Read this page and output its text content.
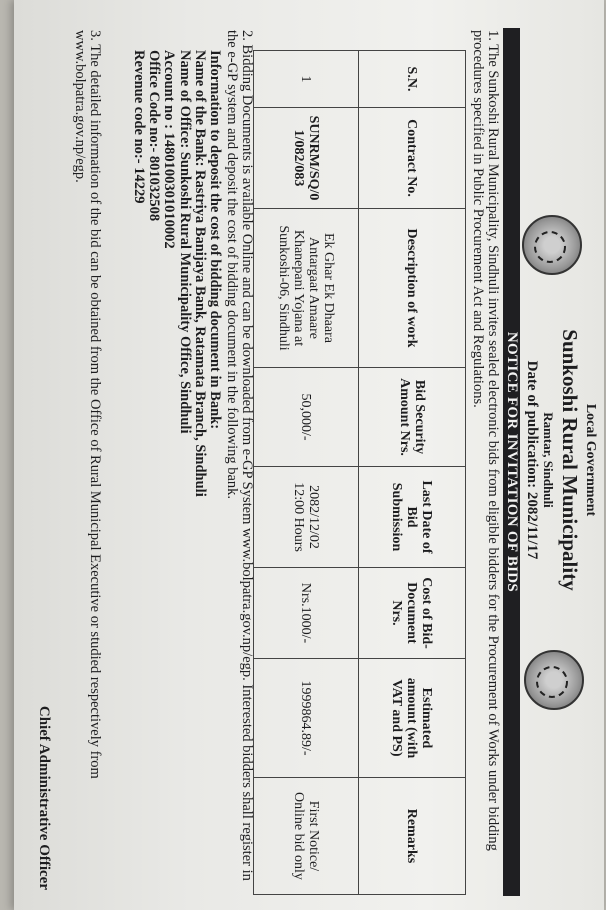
Local Government
Sunkoshi Rural Municipality
Ramtar, Sindhuli
Date of publication: 2082/11/17
NOTICE FOR INVITATION OF BIDS
1. The Sunkoshi Rural Municipality, Sindhuli invites sealed electronic bids from eligible bidders for the Procurement of Works under bidding procedures specified in Public Procurement Act and Regulations.
S.N.	Contract No.	Description of work	Bid Security Amount Nrs.	Last Date of Bid Submission	Cost of Bid-Document Nrs.	Estimated amount (with VAT and PS)	Remarks
1	SUNRM/SQ/0 1/082/083	Ek Ghar Ek Dhaara Antargaat Amaare Khanepani Yojana at Sunkoshi-06, Sindhuli	50,000/-	2082/12/02 12:00 Hours	Nrs.1000/-	1999864.89/-	First Notice/ Online bid only
2. Bidding Documents is available Online and can be downloaded from e-GP System www.bolpatra.gov.np/egp. Interested bidders shall register in the e-GP system and deposit the cost of bidding document in the following bank.
Information to deposit the cost of bidding document in Bank:
Name of the Bank: Rastriya Banijaya Bank, Ratamata Branch, Sindhuli
Name of Office: Sunkoshi Rural Municipality Office, Sindhuli
Account no : 1480100301010002
Office Code no:- 801032508
Revenue code no:- 14229
3. The detailed information of the bid can be obtained from the Office of Rural Municipal Executive or studied respectively from www.bolpatra.gov.np/egp.
Chief Administrative Officer
